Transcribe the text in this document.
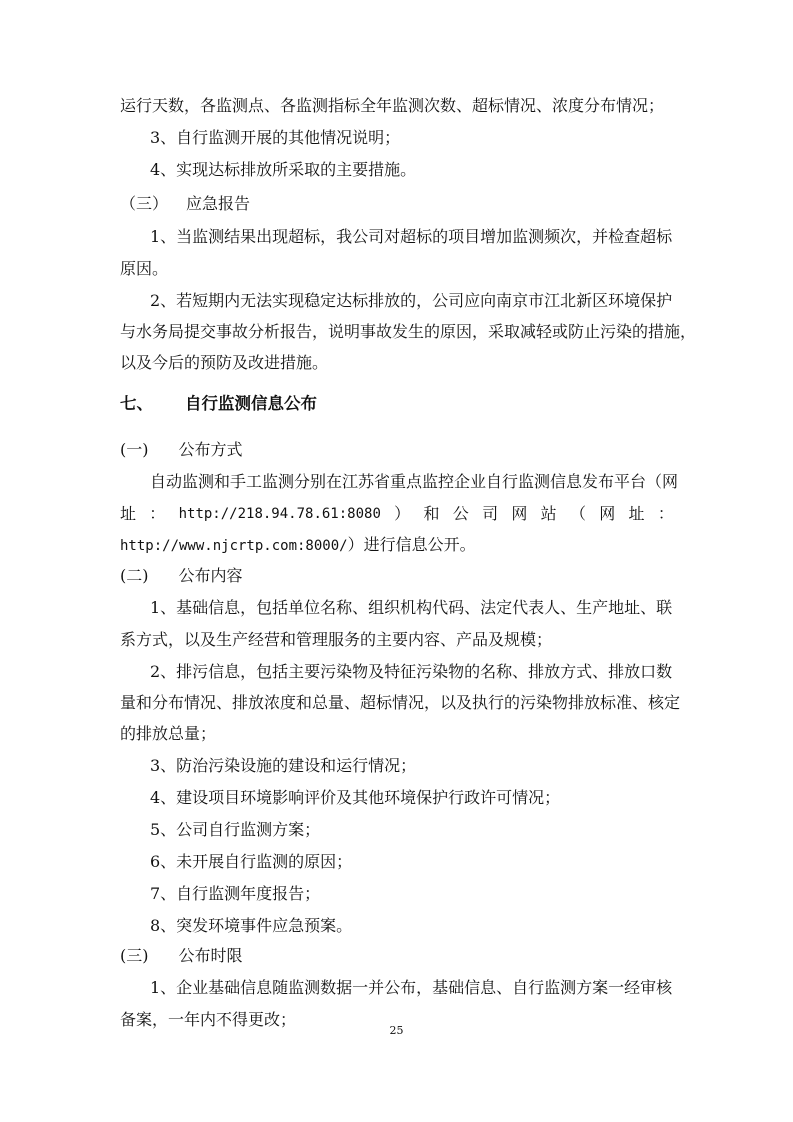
运行天数，各监测点、各监测指标全年监测次数、超标情况、浓度分布情况；
3、自行监测开展的其他情况说明；
4、实现达标排放所采取的主要措施。
（三） 应急报告
1、当监测结果出现超标，我公司对超标的项目增加监测频次，并检查超标
原因。
2、若短期内无法实现稳定达标排放的，公司应向南京市江北新区环境保护
与水务局提交事故分析报告，说明事故发生的原因，采取减轻或防止污染的措施，
以及今后的预防及改进措施。
七、 自行监测信息公布
(一) 公布方式
自动监测和手工监测分别在江苏省重点监控企业自行监测信息发布平台（网
址 ： http://218.94.78.61:8080 ） 和 公 司 网 站 （ 网 址 ：
http://www.njcrtp.com:8000/）进行信息公开。
(二) 公布内容
1、基础信息，包括单位名称、组织机构代码、法定代表人、生产地址、联
系方式，以及生产经营和管理服务的主要内容、产品及规模；
2、排污信息，包括主要污染物及特征污染物的名称、排放方式、排放口数
量和分布情况、排放浓度和总量、超标情况，以及执行的污染物排放标准、核定
的排放总量；
3、防治污染设施的建设和运行情况；
4、建设项目环境影响评价及其他环境保护行政许可情况；
5、公司自行监测方案；
6、未开展自行监测的原因；
7、自行监测年度报告；
8、突发环境事件应急预案。
(三) 公布时限
1、企业基础信息随监测数据一并公布，基础信息、自行监测方案一经审核
备案，一年内不得更改；
25
